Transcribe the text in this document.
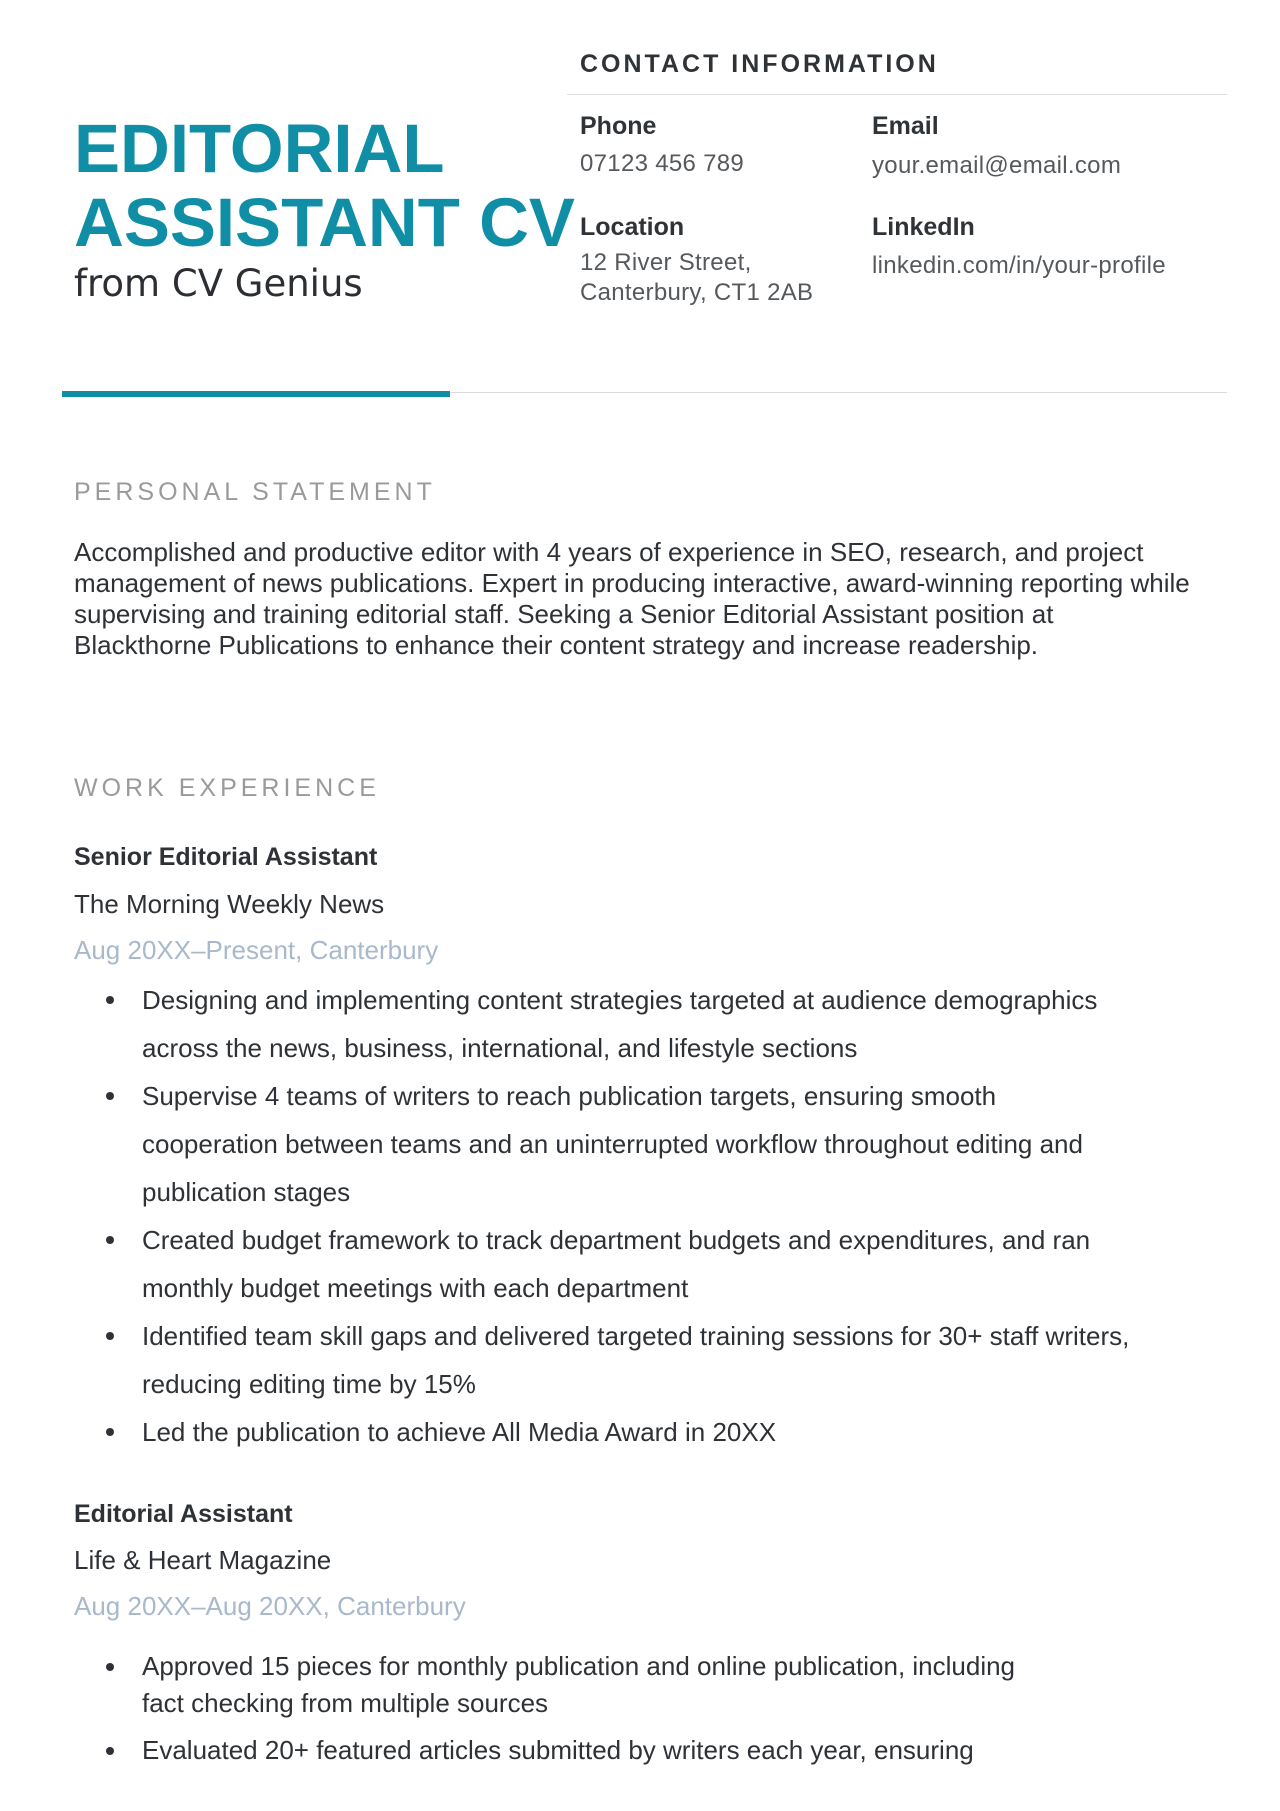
EDITORIAL
ASSISTANT CV
from CV Genius
CONTACT INFORMATION
Phone
07123 456 789
Email
your.email@email.com
Location
12 River Street,
Canterbury, CT1 2AB
LinkedIn
linkedin.com/in/your-profile
PERSONAL STATEMENT

Accomplished and productive editor with 4 years of experience in SEO, research, and project management of news publications. Expert in producing interactive, award-winning reporting while supervising and training editorial staff. Seeking a Senior Editorial Assistant position at Blackthorne Publications to enhance their content strategy and increase readership.

WORK EXPERIENCE
Senior Editorial Assistant
The Morning Weekly News
Aug 20XX–Present, Canterbury
Designing and implementing content strategies targeted at audience demographics across the news, business, international, and lifestyle sections
Supervise 4 teams of writers to reach publication targets, ensuring smooth cooperation between teams and an uninterrupted workflow throughout editing and publication stages
Created budget framework to track department budgets and expenditures, and ran monthly budget meetings with each department
Identified team skill gaps and delivered targeted training sessions for 30+ staff writers, reducing editing time by 15%
Led the publication to achieve All Media Award in 20XX
Editorial Assistant
Life & Heart Magazine
Aug 20XX–Aug 20XX, Canterbury
Approved 15 pieces for monthly publication and online publication, including fact checking from multiple sources
Evaluated 20+ featured articles submitted by writers each year, ensuring
